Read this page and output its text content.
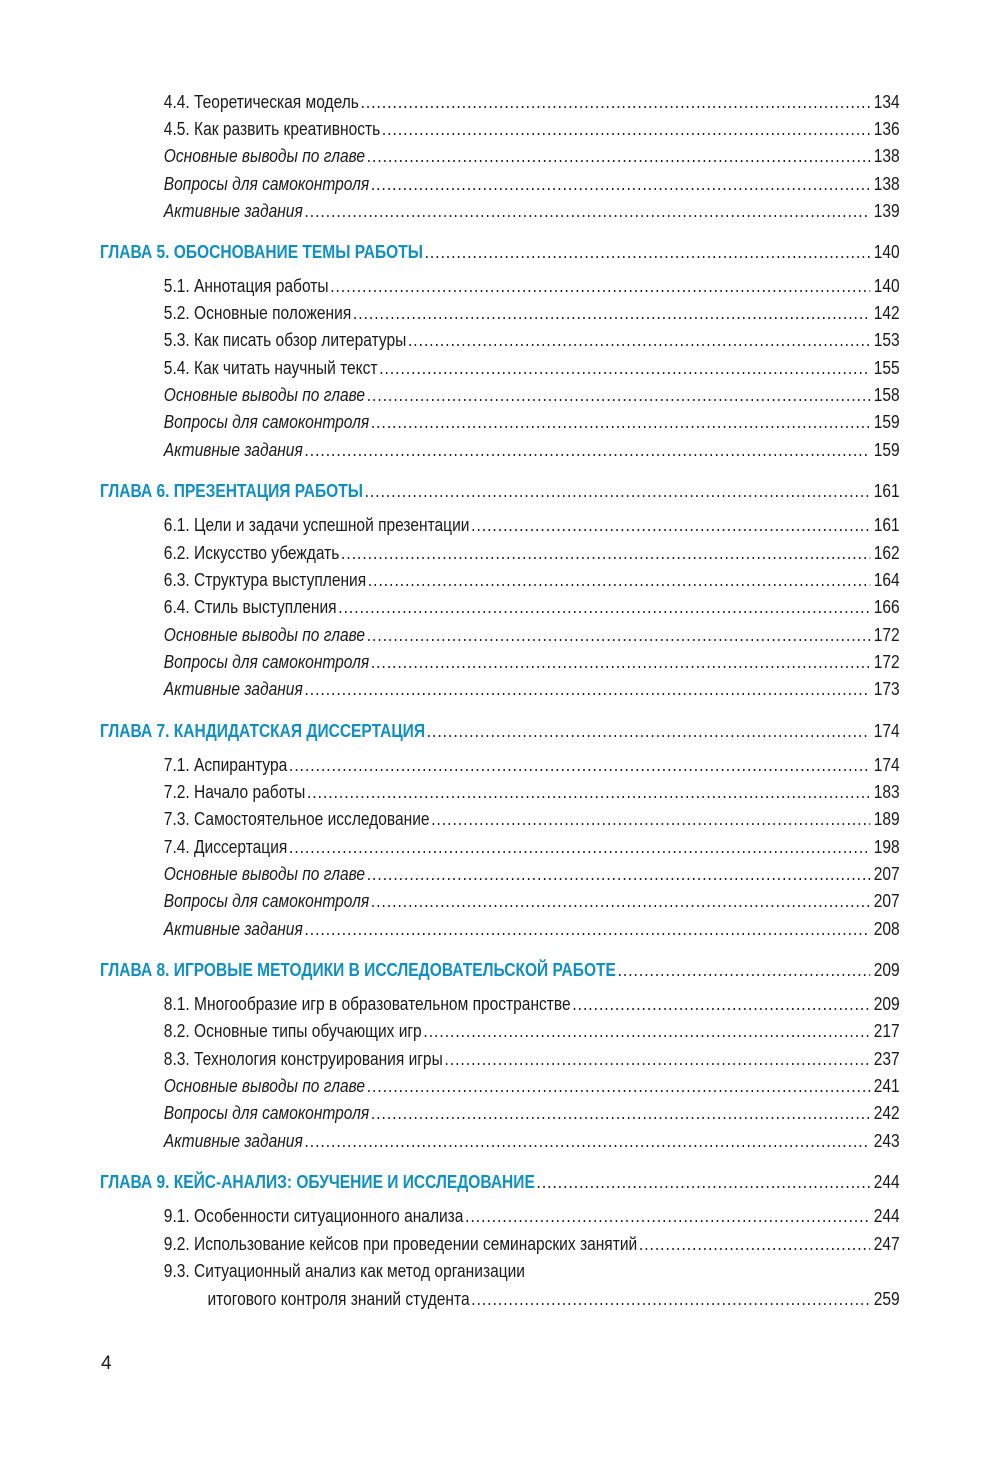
4.4. Теоретическая модель .....	134
4.5. Как развить креативность .....	136
Основные выводы по главе .....	138
Вопросы для самоконтроля .....	138
Активные задания .....	139
ГЛАВА 5. ОБОСНОВАНИЕ ТЕМЫ РАБОТЫ .....	140
5.1. Аннотация работы .....	140
5.2. Основные положения .....	142
5.3. Как писать обзор литературы .....	153
5.4. Как читать научный текст .....	155
Основные выводы по главе .....	158
Вопросы для самоконтроля .....	159
Активные задания .....	159
ГЛАВА 6. ПРЕЗЕНТАЦИЯ РАБОТЫ .....	161
6.1. Цели и задачи успешной презентации .....	161
6.2. Искусство убеждать .....	162
6.3. Структура выступления .....	164
6.4. Стиль выступления .....	166
Основные выводы по главе .....	172
Вопросы для самоконтроля .....	172
Активные задания .....	173
ГЛАВА 7. КАНДИДАТСКАЯ ДИССЕРТАЦИЯ .....	174
7.1. Аспирантура .....	174
7.2. Начало работы .....	183
7.3. Самостоятельное исследование .....	189
7.4. Диссертация .....	198
Основные выводы по главе .....	207
Вопросы для самоконтроля .....	207
Активные задания .....	208
ГЛАВА 8. ИГРОВЫЕ МЕТОДИКИ В ИССЛЕДОВАТЕЛЬСКОЙ РАБОТЕ .....	209
8.1. Многообразие игр в образовательном пространстве .....	209
8.2. Основные типы обучающих игр .....	217
8.3. Технология конструирования игры .....	237
Основные выводы по главе .....	241
Вопросы для самоконтроля .....	242
Активные задания .....	243
ГЛАВА 9. КЕЙС-АНАЛИЗ: ОБУЧЕНИЕ И ИССЛЕДОВАНИЕ .....	244
9.1. Особенности ситуационного анализа .....	244
9.2. Использование кейсов при проведении семинарских занятий .....	247
9.3. Ситуационный анализ как метод организации
итогового контроля знаний студента .....	259
4
